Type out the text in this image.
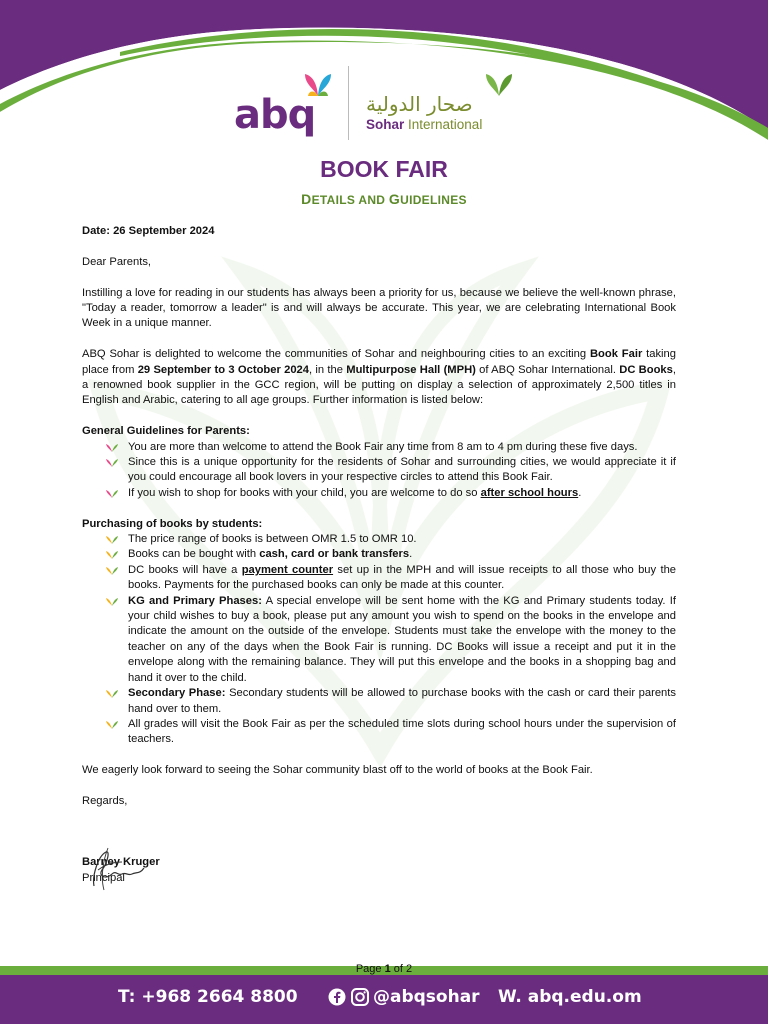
abq	صحار الدولية
Sohar International
BOOK FAIR
DETAILS AND GUIDELINES

Date: 26 September 2024

Dear Parents,

Instilling a love for reading in our students has always been a priority for us, because we believe the well-known phrase, "Today a reader, tomorrow a leader" is and will always be accurate. This year, we are celebrating International Book Week in a unique manner.

ABQ Sohar is delighted to welcome the communities of Sohar and neighbouring cities to an exciting Book Fair taking place from 29 September to 3 October 2024, in the Multipurpose Hall (MPH) of ABQ Sohar International. DC Books, a renowned book supplier in the GCC region, will be putting on display a selection of approximately 2,500 titles in English and Arabic, catering to all age groups. Further information is listed below:

General Guidelines for Parents:

You are more than welcome to attend the Book Fair any time from 8 am to 4 pm during these five days.
Since this is a unique opportunity for the residents of Sohar and surrounding cities, we would appreciate it if you could encourage all book lovers in your respective circles to attend this Book Fair.
If you wish to shop for books with your child, you are welcome to do so after school hours.

Purchasing of books by students:

The price range of books is between OMR 1.5 to OMR 10.
Books can be bought with cash, card or bank transfers.
DC books will have a payment counter set up in the MPH and will issue receipts to all those who buy the books. Payments for the purchased books can only be made at this counter.
KG and Primary Phases: A special envelope will be sent home with the KG and Primary students today. If your child wishes to buy a book, please put any amount you wish to spend on the books in the envelope and indicate the amount on the outside of the envelope. Students must take the envelope with the money to the teacher on any of the days when the Book Fair is running. DC Books will issue a receipt and put it in the envelope along with the remaining balance. They will put this envelope and the books in a shopping bag and hand it over to the child.
Secondary Phase: Secondary students will be allowed to purchase books with the cash or card their parents hand over to them.
All grades will visit the Book Fair as per the scheduled time slots during school hours under the supervision of teachers.

We eagerly look forward to seeing the Sohar community blast off to the world of books at the Book Fair.

Regards,

Barney Kruger

Principal

Page 1 of 2
T: +968 2664 8800	@abqsohar W. abq.edu.om
